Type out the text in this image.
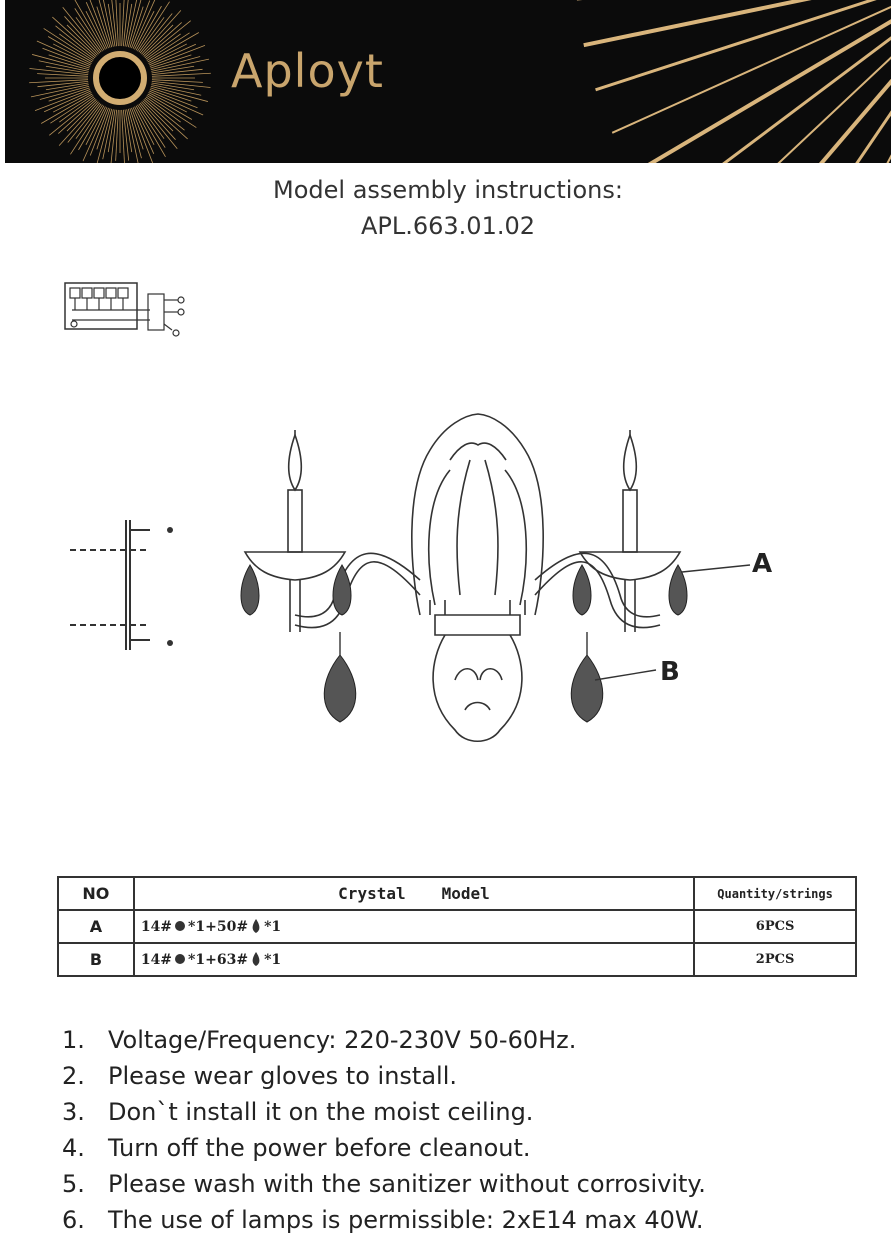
Aployt
Model assembly instructions:
APL.663.01.02
A
B
NO	Crystal Model	Quantity/strings
A	14# *1+50# *1	6PCS
B	14# *1+63# *1	2PCS
1. Voltage/Frequency: 220-230V 50-60Hz.
2. Please wear gloves to install.
3. Don`t install it on the moist ceiling.
4. Turn off the power before cleanout.
5. Please wash with the sanitizer without corrosivity.
6. The use of lamps is permissible: 2xE14 max 40W.
